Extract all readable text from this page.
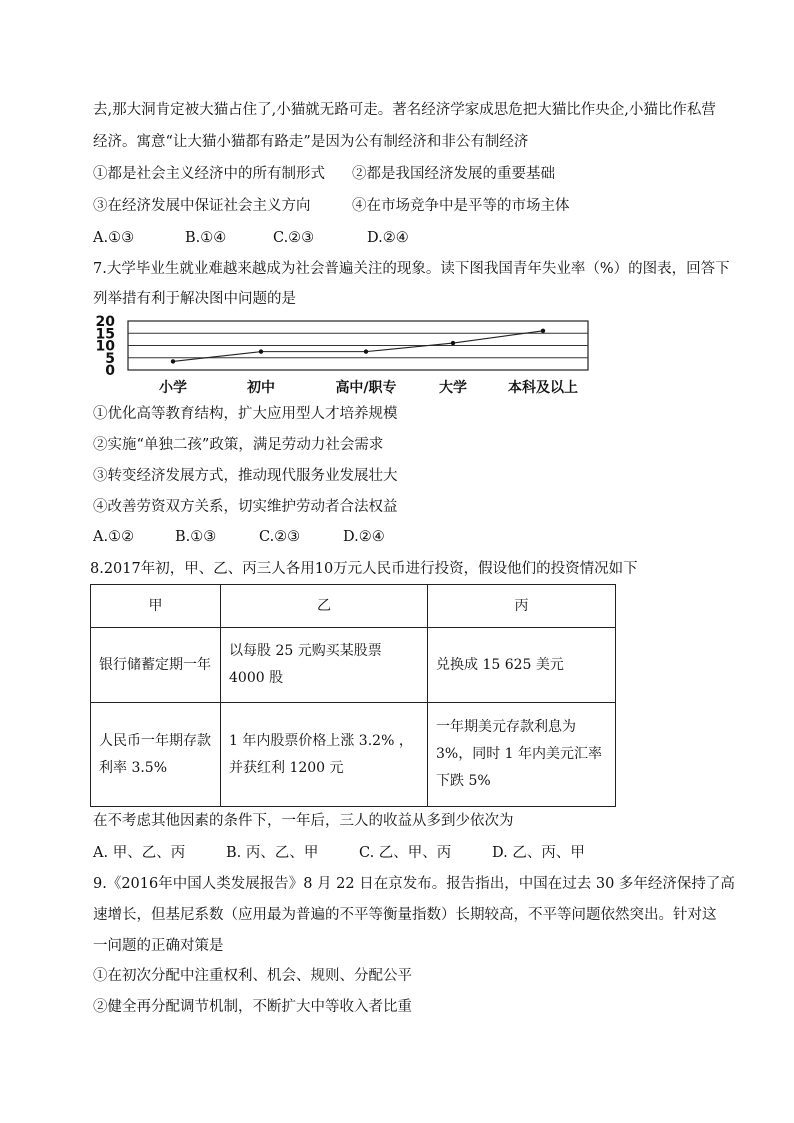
去,那大洞肯定被大猫占住了,小猫就无路可走。著名经济学家成思危把大猫比作央企,小猫比作私营
经济。寓意“让大猫小猫都有路走”是因为公有制经济和非公有制经济
①都是社会主义经济中的所有制形式 ②都是我国经济发展的重要基础
③在经济发展中保证社会主义方向	④在市场竞争中是平等的市场主体
A.①③	B.①④	C.②③	D.②④
7.大学毕业生就业难越来越成为社会普遍关注的现象。读下图我国青年失业率（%）的图表，回答下
列举措有利于解决图中问题的是
20
15
10
5
0
小学	初中	高中/职专	大学	本科及以上
①优化高等教育结构，扩大应用型人才培养规模
②实施“单独二孩”政策，满足劳动力社会需求
③转变经济发展方式，推动现代服务业发展壮大
④改善劳资双方关系，切实维护劳动者合法权益
A.①②	B.①③	C.②③	D.②④
8.2017年初，甲、乙、丙三人各用10万元人民币进行投资，假设他们的投资情况如下
甲	乙	丙
银行储蓄定期一年	以每股 25 元购买某股票 4000 股	兑换成 15 625 美元
人民币一年期存款利率 3.5%	1 年内股票价格上涨 3.2% ，并获红利 1200 元	一年期美元存款利息为 3%，同时 1 年内美元汇率下跌 5%
在不考虑其他因素的条件下，一年后，三人的收益从多到少依次为
A. 甲、乙、丙	B. 丙、乙、甲	C. 乙、甲、丙	D. 乙、丙、甲
9.《2016年中国人类发展报告》8 月 22 日在京发布。报告指出，中国在过去 30 多年经济保持了高
速增长，但基尼系数（应用最为普遍的不平等衡量指数）长期较高，不平等问题依然突出。针对这
一问题的正确对策是
①在初次分配中注重权利、机会、规则、分配公平
②健全再分配调节机制，不断扩大中等收入者比重
